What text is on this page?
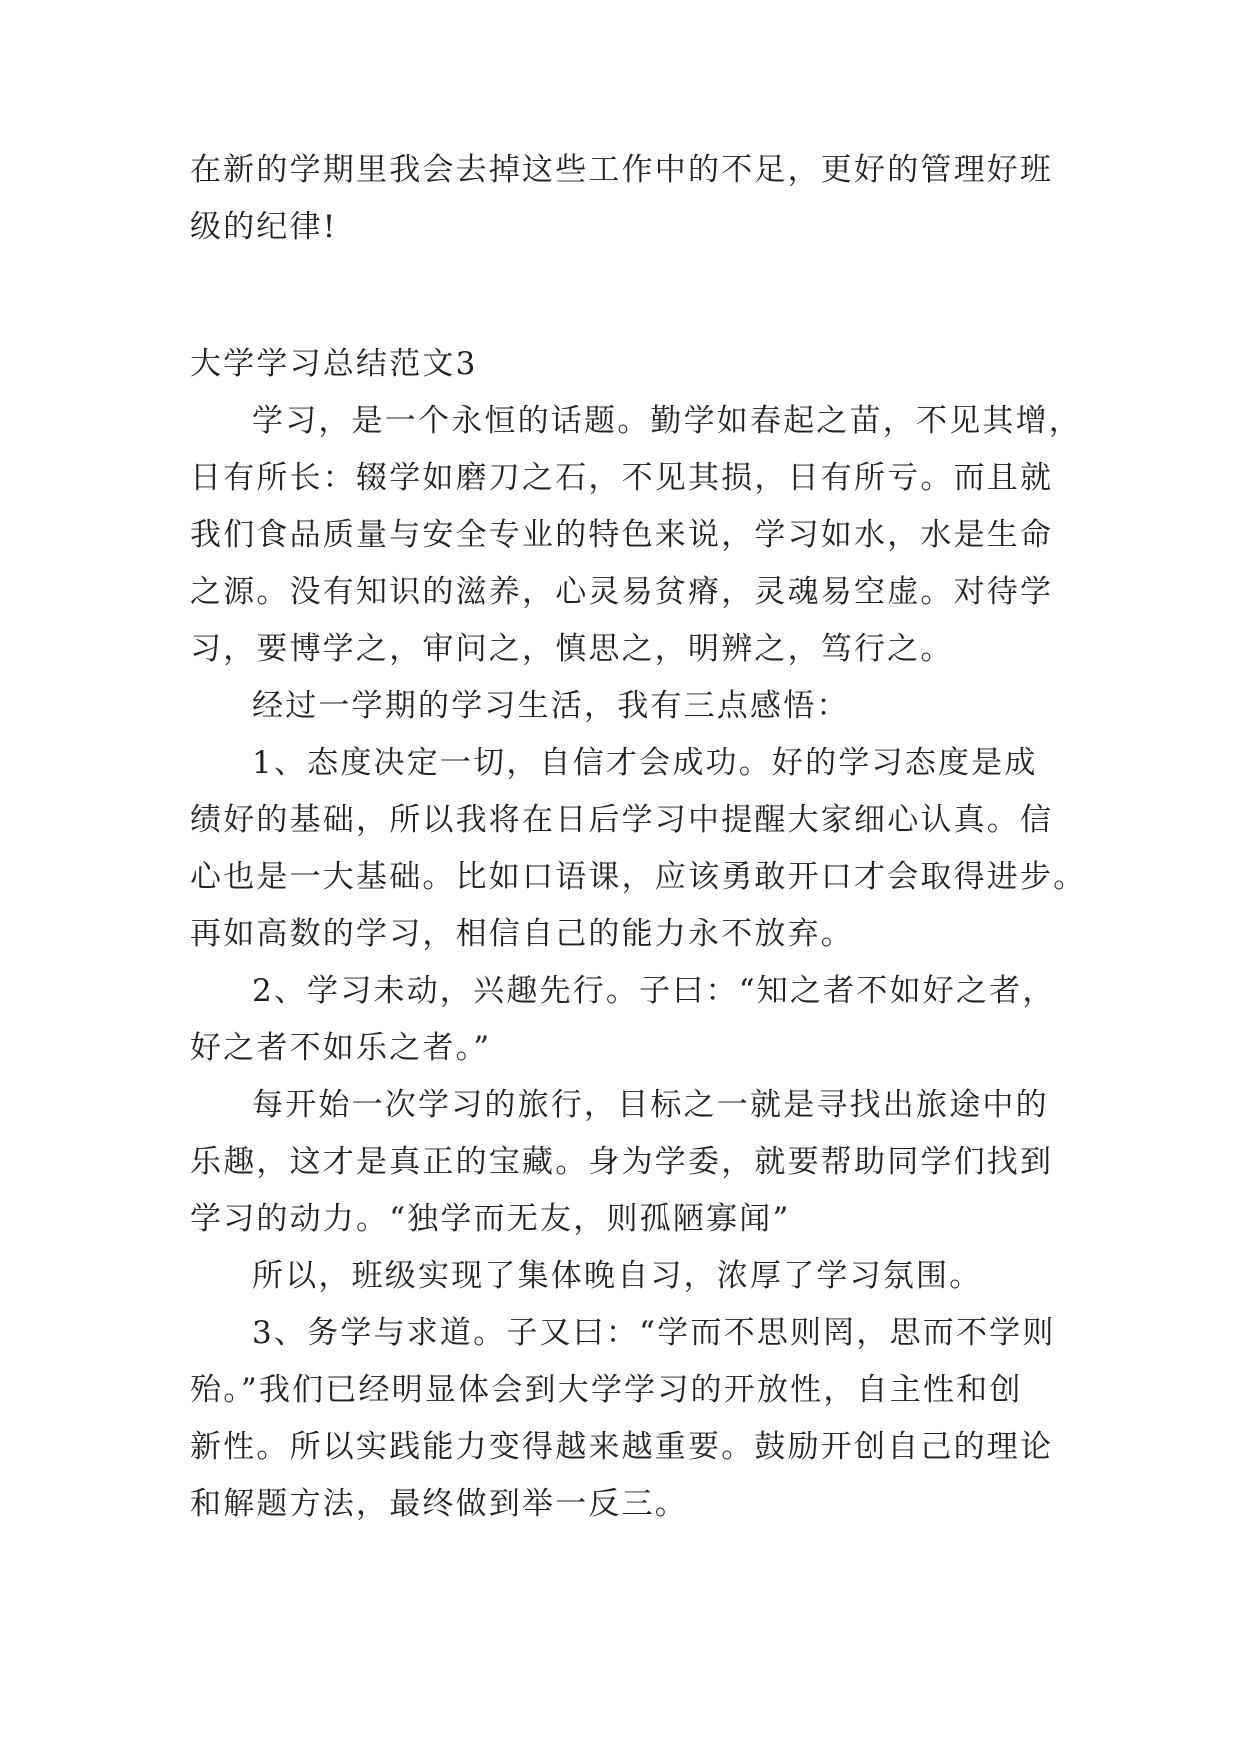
在新的学期里我会去掉这些工作中的不足，更好的管理好班
级的纪律!
大学学习总结范文3
学习，是一个永恒的话题。勤学如春起之苗，不见其增，
日有所长：辍学如磨刀之石，不见其损，日有所亏。而且就
我们食品质量与安全专业的特色来说，学习如水，水是生命
之源。没有知识的滋养，心灵易贫瘠，灵魂易空虚。对待学
习，要博学之，审问之，慎思之，明辨之，笃行之。
经过一学期的学习生活，我有三点感悟：
1、态度决定一切，自信才会成功。好的学习态度是成
绩好的基础，所以我将在日后学习中提醒大家细心认真。信
心也是一大基础。比如口语课，应该勇敢开口才会取得进步。
再如高数的学习，相信自己的能力永不放弃。
2、学习未动，兴趣先行。子曰：“知之者不如好之者，
好之者不如乐之者。”
每开始一次学习的旅行，目标之一就是寻找出旅途中的
乐趣，这才是真正的宝藏。身为学委，就要帮助同学们找到
学习的动力。“独学而无友，则孤陋寡闻”
所以，班级实现了集体晚自习，浓厚了学习氛围。
3、务学与求道。子又曰：“学而不思则罔，思而不学则
殆。”我们已经明显体会到大学学习的开放性，自主性和创
新性。所以实践能力变得越来越重要。鼓励开创自己的理论
和解题方法，最终做到举一反三。
